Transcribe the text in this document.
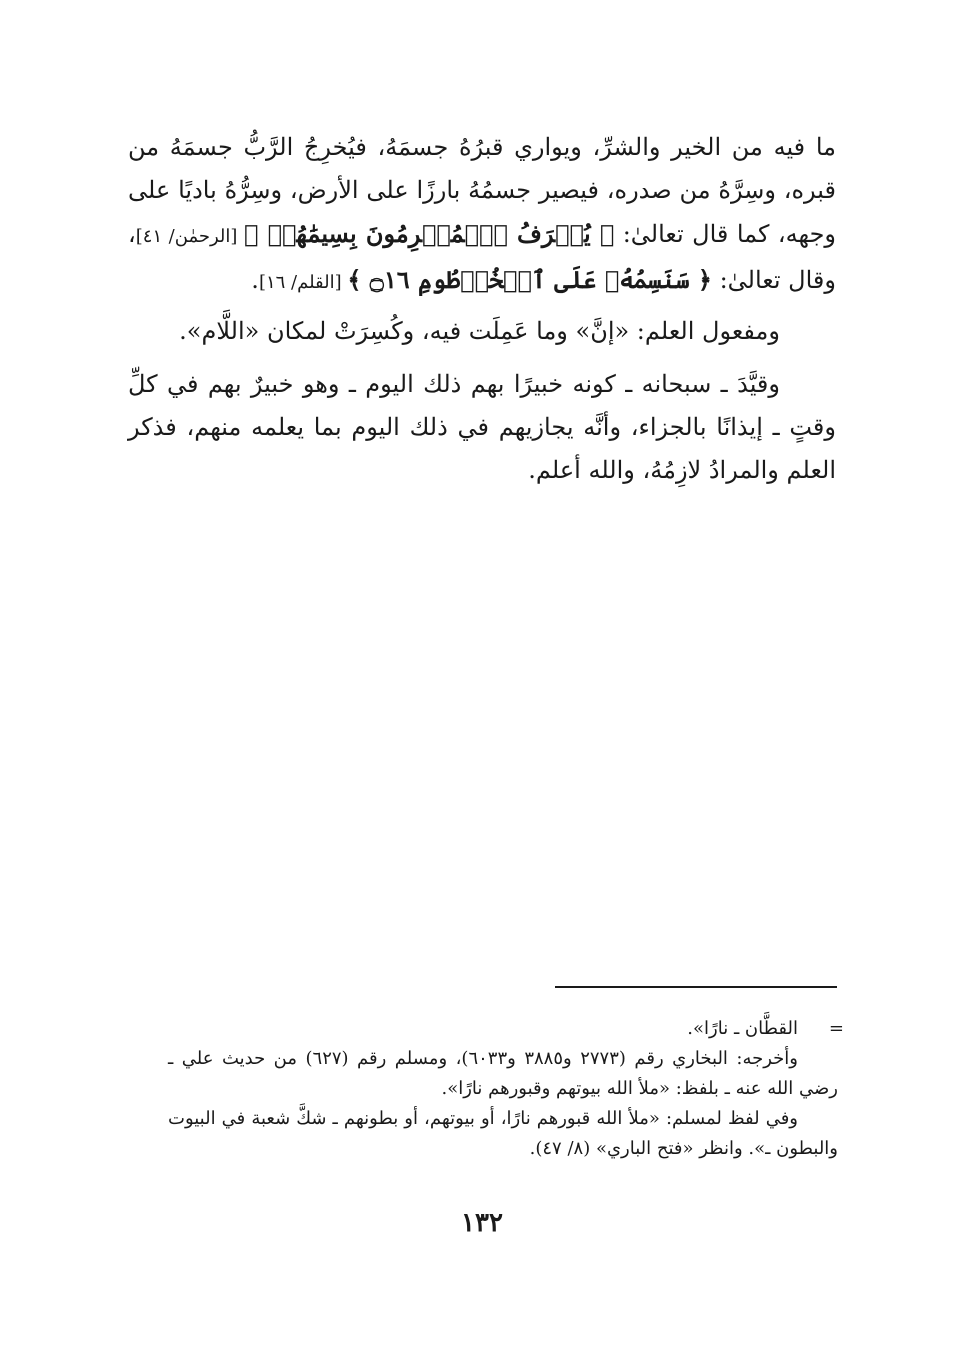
ما فيه من الخير والشرِّ، ويواري قبرُهُ جسمَهُ، فيُخرِجُ الرَّبُّ جسمَهُ من قبره، وسِرَّهُ من صدره، فيصير جسمُهُ بارزًا على الأرض، وسِرُّهُ باديًا على وجهه، كما قال تعالىٰ: ﴿ يُعۡرَفُ ٱلۡمُجۡرِمُونَ بِسِيمَٰهُمۡ ﴾ [الرحمٰن/ ٤١]، وقال تعالىٰ: ﴿ سَنَسِمُهُۥ عَلَى ٱلۡخُرۡطُومِ ۝١٦ ﴾ [القلم/ ١٦].

ومفعول العلم: «إنَّ» وما عَمِلَت فيه، وكُسِرَتْ لمكان «اللَّام».

وقيَّدَ ـ سبحانه ـ كونه خبيرًا بهم ذلك اليوم ـ وهو خبيرٌ بهم في كلِّ وقتٍ ـ إيذانًا بالجزاء، وأنَّه يجازيهم في ذلك اليوم بما يعلمه منهم، فذكر العلم والمرادُ لازِمُهُ، والله أعلم.

=
القطَّان ـ نارًا».

وأخرجه: البخاري رقم (٢٧٧٣ و٣٨٨٥ و٦٠٣٣)، ومسلم رقم (٦٢٧) من حديث علي ـ رضي الله عنه ـ بلفظ: «ملأ الله بيوتهم وقبورهم نارًا».

وفي لفظ لمسلم: «ملأ الله قبورهم نارًا، أو بيوتهم، أو بطونهم ـ شكَّ شعبة في البيوت والبطون ـ». وانظر «فتح الباري» (٨/ ٤٧).

١٣٢
